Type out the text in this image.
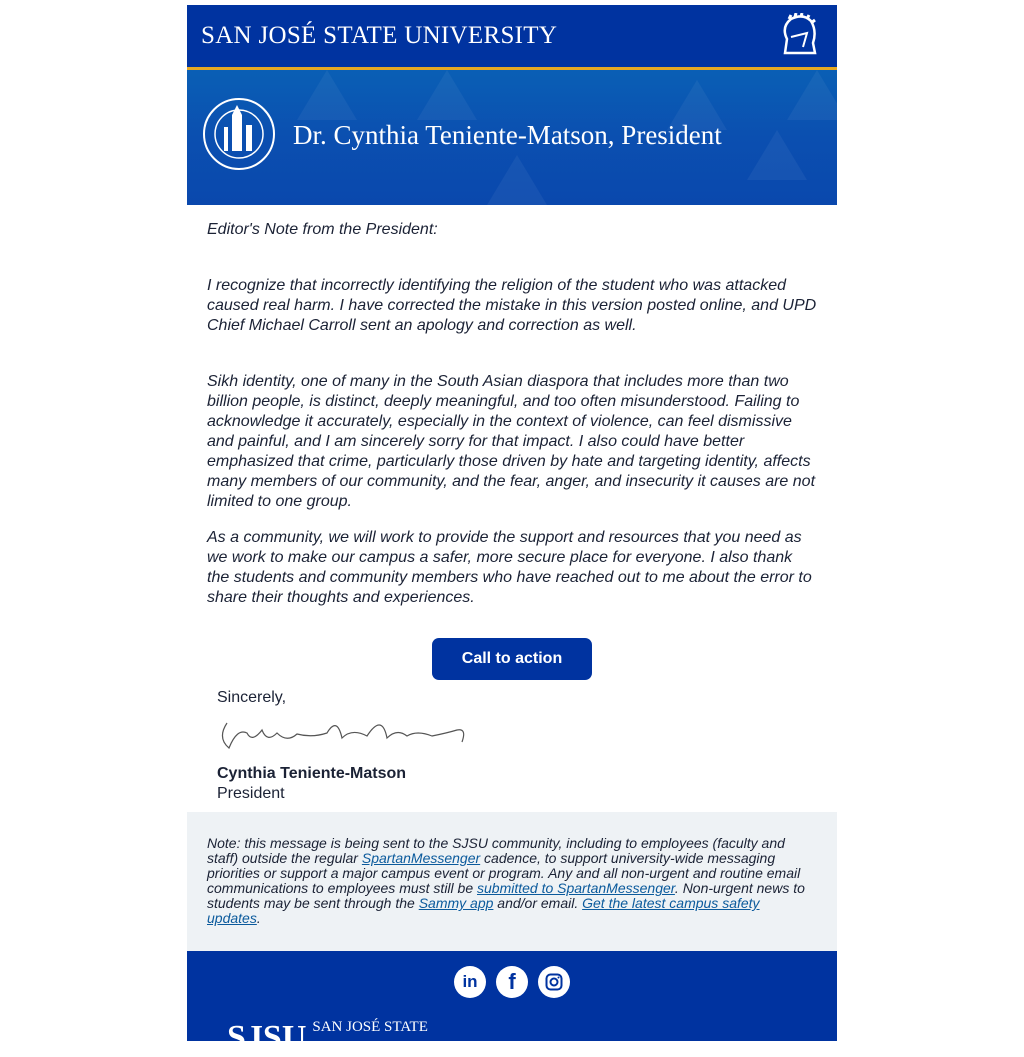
SAN JOSÉ STATE UNIVERSITY
Dr. Cynthia Teniente-Matson, President

Editor's Note from the President:

I recognize that incorrectly identifying the religion of the student who was attacked caused real harm. I have corrected the mistake in this version posted online, and UPD Chief Michael Carroll sent an apology and correction as well.

Sikh identity, one of many in the South Asian diaspora that includes more than two billion people, is distinct, deeply meaningful, and too often misunderstood. Failing to acknowledge it accurately, especially in the context of violence, can feel dismissive and painful, and I am sincerely sorry for that impact. I also could have better emphasized that crime, particularly those driven by hate and targeting identity, affects many members of our community, and the fear, anger, and insecurity it causes are not limited to one group.

As a community, we will work to provide the support and resources that you need as we work to make our campus a safer, more secure place for everyone. I also thank the students and community members who have reached out to me about the error to share their thoughts and experiences.

Call to action
Sincerely,
Cynthia Teniente-Matson
President
Note: this message is being sent to the SJSU community, including to employees (faculty and staff) outside the regular SpartanMessenger cadence, to support university-wide messaging priorities or support a major campus event or program. Any and all non-urgent and routine email communications to employees must still be submitted to SpartanMessenger. Non-urgent news to students may be sent through the Sammy app and/or email. Get the latest campus safety updates.
in	f
SJSU SAN JOSÉ STATE
